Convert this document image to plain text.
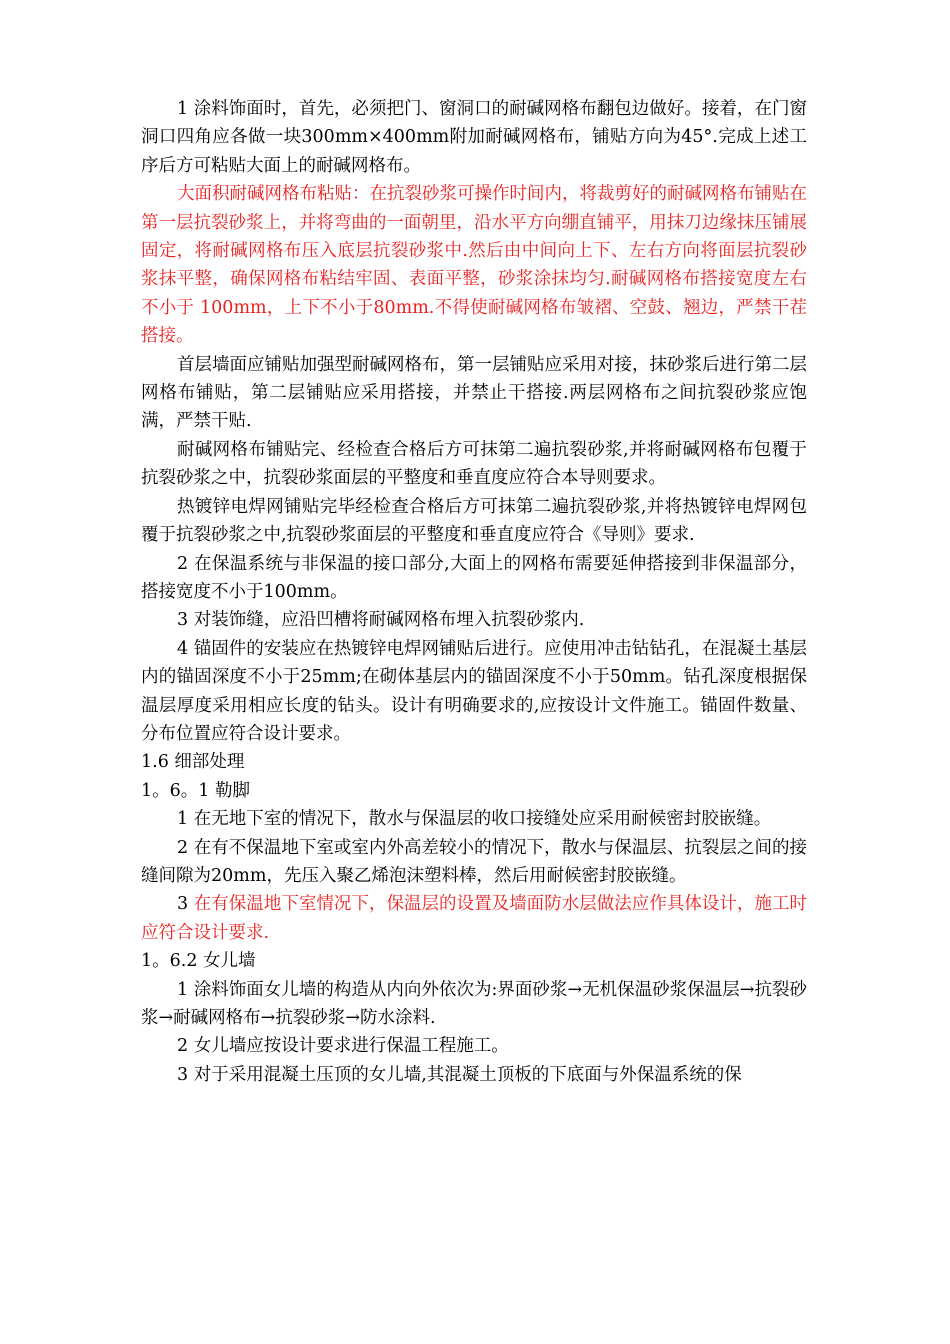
1 涂料饰面时，首先，必须把门、窗洞口的耐碱网格布翻包边做好。接着，在门窗洞口四角应各做一块300mm×400mm附加耐碱网格布，铺贴方向为45°.完成上述工序后方可粘贴大面上的耐碱网格布。

大面积耐碱网格布粘贴：在抗裂砂浆可操作时间内，将裁剪好的耐碱网格布铺贴在第一层抗裂砂浆上，并将弯曲的一面朝里，沿水平方向绷直铺平，用抹刀边缘抹压铺展固定，将耐碱网格布压入底层抗裂砂浆中.然后由中间向上下、左右方向将面层抗裂砂浆抹平整，确保网格布粘结牢固、表面平整，砂浆涂抹均匀.耐碱网格布搭接宽度左右不小于 100mm，上下不小于80mm.不得使耐碱网格布皱褶、空鼓、翘边，严禁干茬搭接。

首层墙面应铺贴加强型耐碱网格布，第一层铺贴应采用对接，抹砂浆后进行第二层网格布铺贴，第二层铺贴应采用搭接，并禁止干搭接.两层网格布之间抗裂砂浆应饱满，严禁干贴.

耐碱网格布铺贴完、经检查合格后方可抹第二遍抗裂砂浆,并将耐碱网格布包覆于抗裂砂浆之中，抗裂砂浆面层的平整度和垂直度应符合本导则要求。

热镀锌电焊网铺贴完毕经检查合格后方可抹第二遍抗裂砂浆,并将热镀锌电焊网包覆于抗裂砂浆之中,抗裂砂浆面层的平整度和垂直度应符合《导则》要求.

2 在保温系统与非保温的接口部分,大面上的网格布需要延伸搭接到非保温部分，搭接宽度不小于100mm。

3 对装饰缝，应沿凹槽将耐碱网格布埋入抗裂砂浆内.

4 锚固件的安装应在热镀锌电焊网铺贴后进行。应使用冲击钻钻孔，在混凝土基层内的锚固深度不小于25mm;在砌体基层内的锚固深度不小于50mm。钻孔深度根据保温层厚度采用相应长度的钻头。设计有明确要求的,应按设计文件施工。锚固件数量、分布位置应符合设计要求。

1.6 细部处理

1。6。1 勒脚

1 在无地下室的情况下，散水与保温层的收口接缝处应采用耐候密封胶嵌缝。

2 在有不保温地下室或室内外高差较小的情况下，散水与保温层、抗裂层之间的接缝间隙为20mm，先压入聚乙烯泡沫塑料棒，然后用耐候密封胶嵌缝。

3 在有保温地下室情况下，保温层的设置及墙面防水层做法应作具体设计，施工时应符合设计要求.

1。6.2 女儿墙

1 涂料饰面女儿墙的构造从内向外依次为:界面砂浆→无机保温砂浆保温层→抗裂砂浆→耐碱网格布→抗裂砂浆→防水涂料.

2 女儿墙应按设计要求进行保温工程施工。

3 对于采用混凝土压顶的女儿墙,其混凝土顶板的下底面与外保温系统的保
